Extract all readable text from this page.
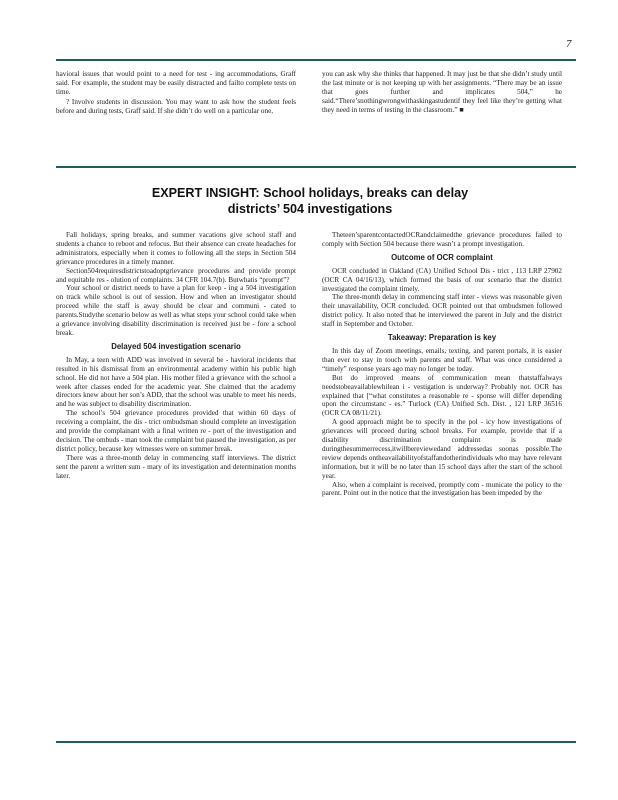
7

havioral issues that would point to a need for test - ing accommodations, Graff said. For example, the student may be easily distracted and failto complete tests on time.

? Involve students in discussion. You may want to ask how the student feels before and during tests, Graff said. If she didn’t do well on a particular one,

you can ask why she thinks that happened. It may just be that she didn’t study until the last minute or is not keeping up with her assignments. “There may be an issue that goes further and implicates 504,” he said.“There’snothingwrongwithaskingastudentif they feel like they’re getting what they need in terms of testing in the classroom.” ■

EXPERT INSIGHT: School holidays, breaks can delay
districts’ 504 investigations

Fall holidays, spring breaks, and summer vacations give school staff and students a chance to reboot and refocus. But their absence can create headaches for administrators, especially when it comes to following all the steps in Section 504 grievance procedures in a timely manner.

Section504requiresdistrictstoadoptgrievance procedures and provide prompt and equitable res - olution of complaints. 34 CFR 104.7(b). Butwhatis “prompt”?

Your school or district needs to have a plan for keep - ing a 504 investigation on track while school is out of session. How and when an investigator should proceed while the staff is away should be clear and communi - cated to parents.Studythe scenario below as well as what steps your school could take when a grievance involving disability discrimination is received just be - fore a school break.

Delayed 504 investigation scenario

In May, a teen with ADD was involved in several be - havioral incidents that resulted in his dismissal from an environmental academy within his public high school. He did not have a 504 plan. His mother filed a grievance with the school a week after classes ended for the academic year. She claimed that the academy directors knew about her son’s ADD, that the school was unable to meet his needs, and he was subject to disability discrimination.

The school’s 504 grievance procedures provided that within 60 days of receiving a complaint, the dis - trict ombudsman should complete an investigation and provide the complainant with a final written re - port of the investigation and decision. The ombuds - man took the complaint but paused the investigation, as per district policy, because key witnesses were on summer break.

There was a three-month delay in commencing staff interviews. The district sent the parent a written sum - mary of its investigation and determination months later.

Theteen’sparentcontactedOCRandclaimedthe grievance procedures failed to comply with Section 504 because there wasn’t a prompt investigation.

Outcome of OCR complaint

OCR concluded in Oakland (CA) Unified School Dis - trict , 113 LRP 27902 (OCR CA 04/16/13), which formed the basis of our scenario that the district investigated the complaint timely.

The three-month delay in commencing staff inter - views was reasonable given their unavailability, OCR concluded. OCR pointed out that ombudsmen followed district policy. It also noted that he interviewed the parent in July and the district staff in September and October.

Takeaway: Preparation is key

In this day of Zoom meetings, emails, texting, and parent portals, it is easier than ever to stay in touch with parents and staff. What was once considered a “timely” response years ago may no longer be today.

But do improved means of communication mean thatstaffalways needstobeavailablewhilean i - vestigation is underway? Probably not. OCR has explained that [“what constitutes a reasonable re - sponse will differ depending upon the circumstanc - es.” Turlock (CA) Unified Sch. Dist. , 121 LRP 36516 (OCR CA 08/11/21).

A good approach might be to specify in the pol - icy how investigations of grievances will proceed during school breaks. For example, provide that if a disability discrimination complaint is made duringthesummerrecess,itwillbereviewedand addressedas soonas possible.The review depends ontheavailabilityofstaffandotherindividuals who may have relevant information, but it will be no later than 15 school days after the start of the school year.

Also, when a complaint is received, promptly com - municate the policy to the parent. Point out in the notice that the investigation has been impeded by the
